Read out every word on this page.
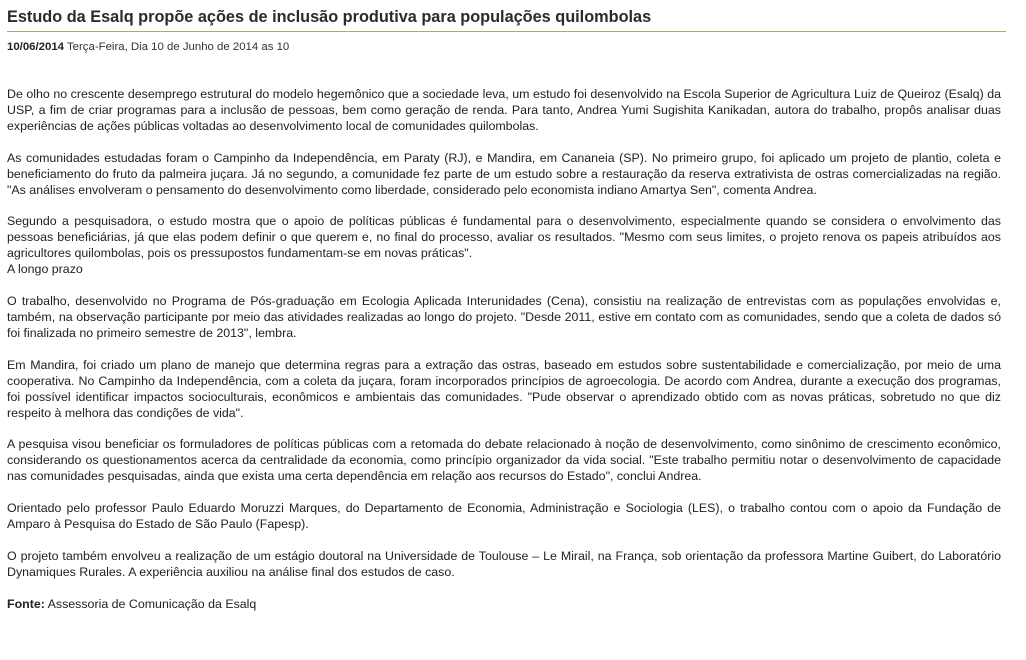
Estudo da Esalq propõe ações de inclusão produtiva para populações quilombolas
10/06/2014 Terça-Feira, Dia 10 de Junho de 2014 as 10

De olho no crescente desemprego estrutural do modelo hegemônico que a sociedade leva, um estudo foi desenvolvido na Escola Superior de Agricultura Luiz de Queiroz (Esalq) da USP, a fim de criar programas para a inclusão de pessoas, bem como geração de renda. Para tanto, Andrea Yumi Sugishita Kanikadan, autora do trabalho, propôs analisar duas experiências de ações públicas voltadas ao desenvolvimento local de comunidades quilombolas.

As comunidades estudadas foram o Campinho da Independência, em Paraty (RJ), e Mandira, em Cananeia (SP). No primeiro grupo, foi aplicado um projeto de plantio, coleta e beneficiamento do fruto da palmeira juçara. Já no segundo, a comunidade fez parte de um estudo sobre a restauração da reserva extrativista de ostras comercializadas na região. "As análises envolveram o pensamento do desenvolvimento como liberdade, considerado pelo economista indiano Amartya Sen", comenta Andrea.

Segundo a pesquisadora, o estudo mostra que o apoio de políticas públicas é fundamental para o desenvolvimento, especialmente quando se considera o envolvimento das pessoas beneficiárias, já que elas podem definir o que querem e, no final do processo, avaliar os resultados. "Mesmo com seus limites, o projeto renova os papeis atribuídos aos agricultores quilombolas, pois os pressupostos fundamentam-se em novas práticas".

A longo prazo

O trabalho, desenvolvido no Programa de Pós-graduação em Ecologia Aplicada Interunidades (Cena), consistiu na realização de entrevistas com as populações envolvidas e, também, na observação participante por meio das atividades realizadas ao longo do projeto. "Desde 2011, estive em contato com as comunidades, sendo que a coleta de dados só foi finalizada no primeiro semestre de 2013", lembra.

Em Mandira, foi criado um plano de manejo que determina regras para a extração das ostras, baseado em estudos sobre sustentabilidade e comercialização, por meio de uma cooperativa. No Campinho da Independência, com a coleta da juçara, foram incorporados princípios de agroecologia. De acordo com Andrea, durante a execução dos programas, foi possível identificar impactos socioculturais, econômicos e ambientais das comunidades. "Pude observar o aprendizado obtido com as novas práticas, sobretudo no que diz respeito à melhora das condições de vida".

A pesquisa visou beneficiar os formuladores de políticas públicas com a retomada do debate relacionado à noção de desenvolvimento, como sinônimo de crescimento econômico, considerando os questionamentos acerca da centralidade da economia, como princípio organizador da vida social. "Este trabalho permitiu notar o desenvolvimento de capacidade nas comunidades pesquisadas, ainda que exista uma certa dependência em relação aos recursos do Estado", conclui Andrea.

Orientado pelo professor Paulo Eduardo Moruzzi Marques, do Departamento de Economia, Administração e Sociologia (LES), o trabalho contou com o apoio da Fundação de Amparo à Pesquisa do Estado de São Paulo (Fapesp).

O projeto também envolveu a realização de um estágio doutoral na Universidade de Toulouse – Le Mirail, na França, sob orientação da professora Martine Guibert, do Laboratório Dynamiques Rurales. A experiência auxiliou na análise final dos estudos de caso.

Fonte: Assessoria de Comunicação da Esalq
